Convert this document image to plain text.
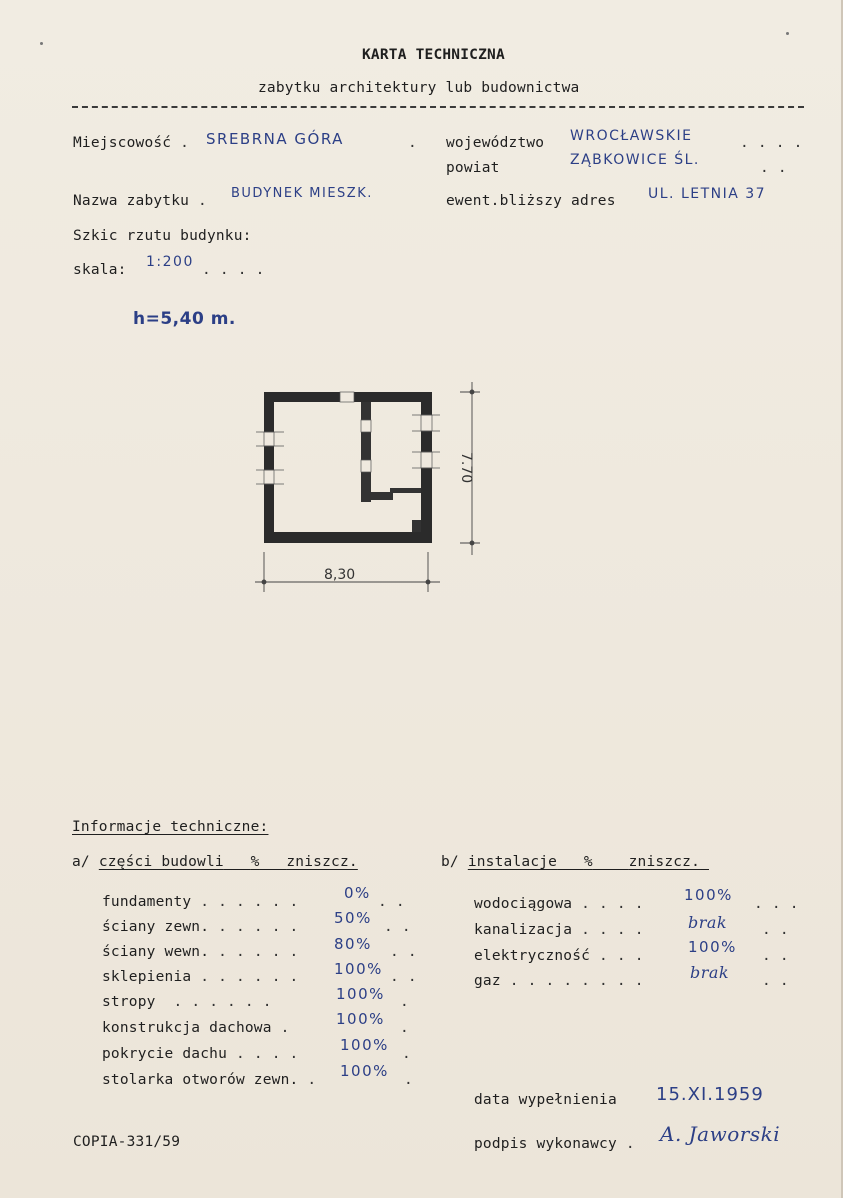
KARTA TECHNICZNA
zabytku architektury lub budownictwa
Miejscowość . SREBRNA GÓRA	. województwo WROCŁAWSKIE	. . . .
powiat	ZĄBKOWICE ŚL.	. .
Nazwa zabytku . BUDYNEK MIESZK.	ewent.bliższy adres UL. LETNIA 37
Szkic rzutu budynku:
skala: 1:200 . . . .
h=5,40 m.
8,30
7.70
Informacje techniczne:
a/ części budowli___%___zniszcz.	b/ instalacje___%____zniszcz._
fundamenty . . . . . .	0% . .
ściany zewn. . . . . . 50% . .
ściany wewn. . . . . . 80% . .
sklepienia . . . . . . 100% . .
stropy . . . . . .	100% .
konstrukcja dachowa .	100% .
pokrycie dachu . . . .	100% .
stolarka otworów zewn. . 100% .
wodociągowa . . . .	100% . . .
kanalizacja . . . .	brak . .
elektryczność . . .	100% . .
gaz . . . . . . . .	brak . .
data wypełnienia 15.XI.1959
podpis wykonawcy . A. Jaworski
COPIA-331/59
